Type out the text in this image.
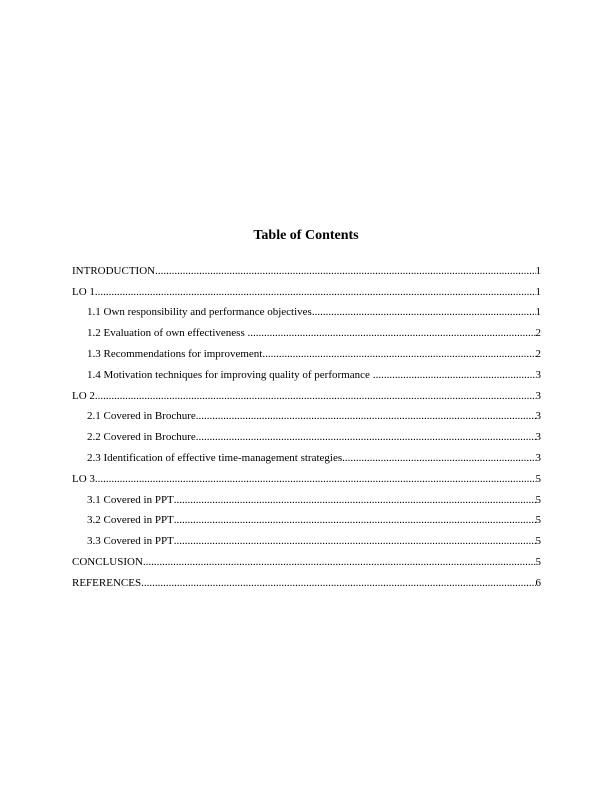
Table of Contents
INTRODUCTION .....	1
LO 1 .....	1
1.1 Own responsibility and performance objectives .....	1
1.2 Evaluation of own effectiveness .....	2
1.3 Recommendations for improvement .....	2
1.4 Motivation techniques for improving quality of performance .....	3
LO 2 .....	3
2.1 Covered in Brochure .....	3
2.2 Covered in Brochure .....	3
2.3 Identification of effective time-management strategies .....	3
LO 3 .....	5
3.1 Covered in PPT .....	5
3.2 Covered in PPT .....	5
3.3 Covered in PPT .....	5
CONCLUSION .....	5
REFERENCES .....	6
